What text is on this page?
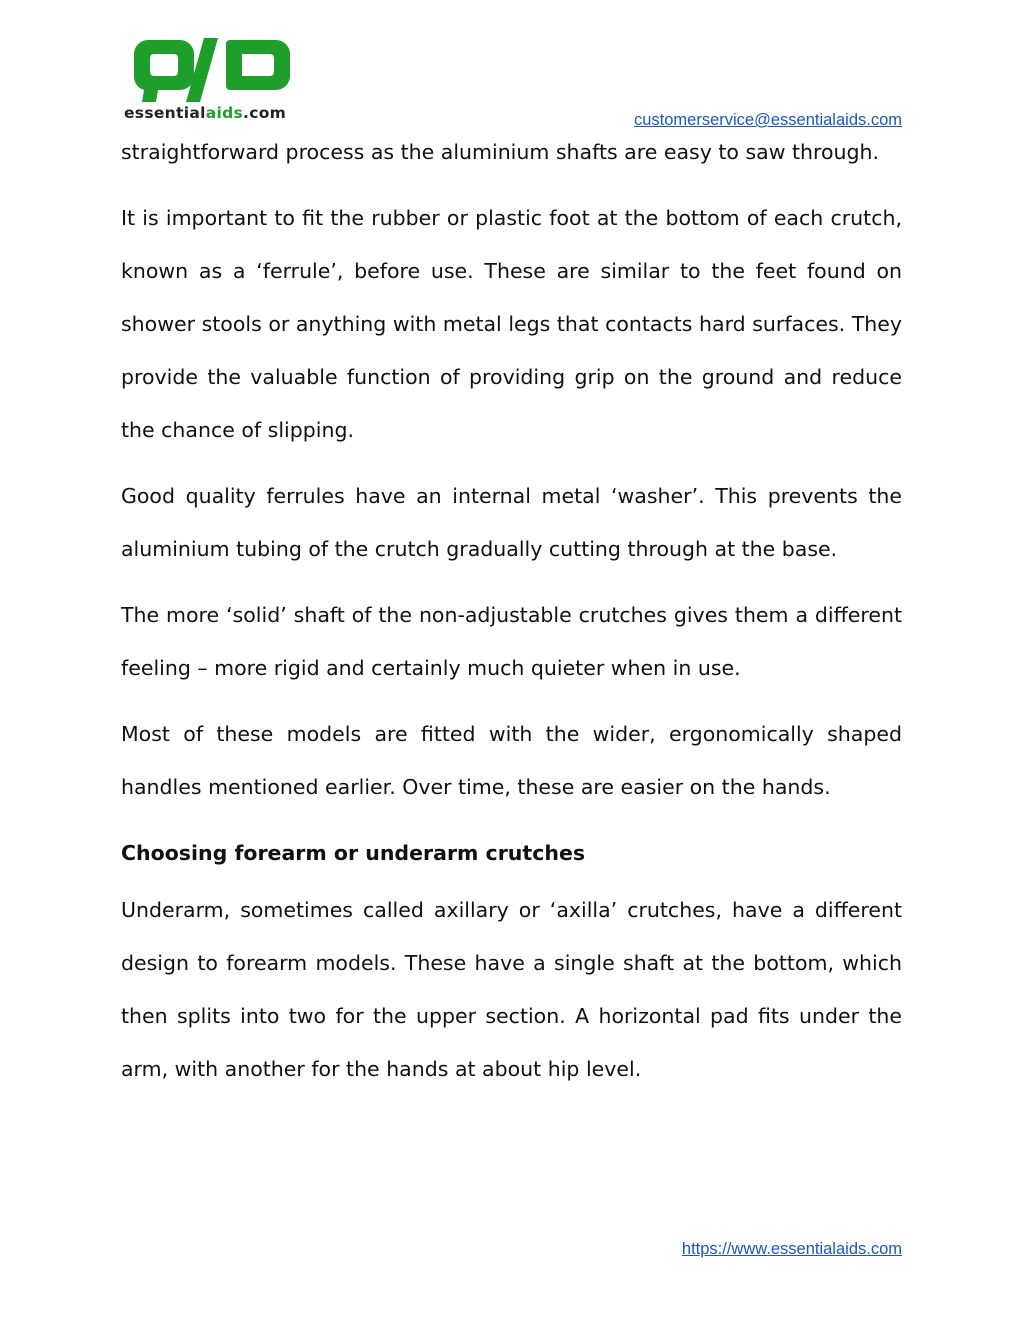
essentialaids.com	customerservice@essentialaids.com

straightforward process as the aluminium shafts are easy to saw through.

It is important to fit the rubber or plastic foot at the bottom of each crutch, known as a ‘ferrule’, before use. These are similar to the feet found on shower stools or anything with metal legs that contacts hard surfaces. They provide the valuable function of providing grip on the ground and reduce the chance of slipping.

Good quality ferrules have an internal metal ‘washer’. This prevents the aluminium tubing of the crutch gradually cutting through at the base.

The more ‘solid’ shaft of the non-adjustable crutches gives them a different feeling – more rigid and certainly much quieter when in use.

Most of these models are fitted with the wider, ergonomically shaped handles mentioned earlier. Over time, these are easier on the hands.

Choosing forearm or underarm crutches

Underarm, sometimes called axillary or ‘axilla’ crutches, have a different design to forearm models. These have a single shaft at the bottom, which then splits into two for the upper section. A horizontal pad fits under the arm, with another for the hands at about hip level.

https://www.essentialaids.com
